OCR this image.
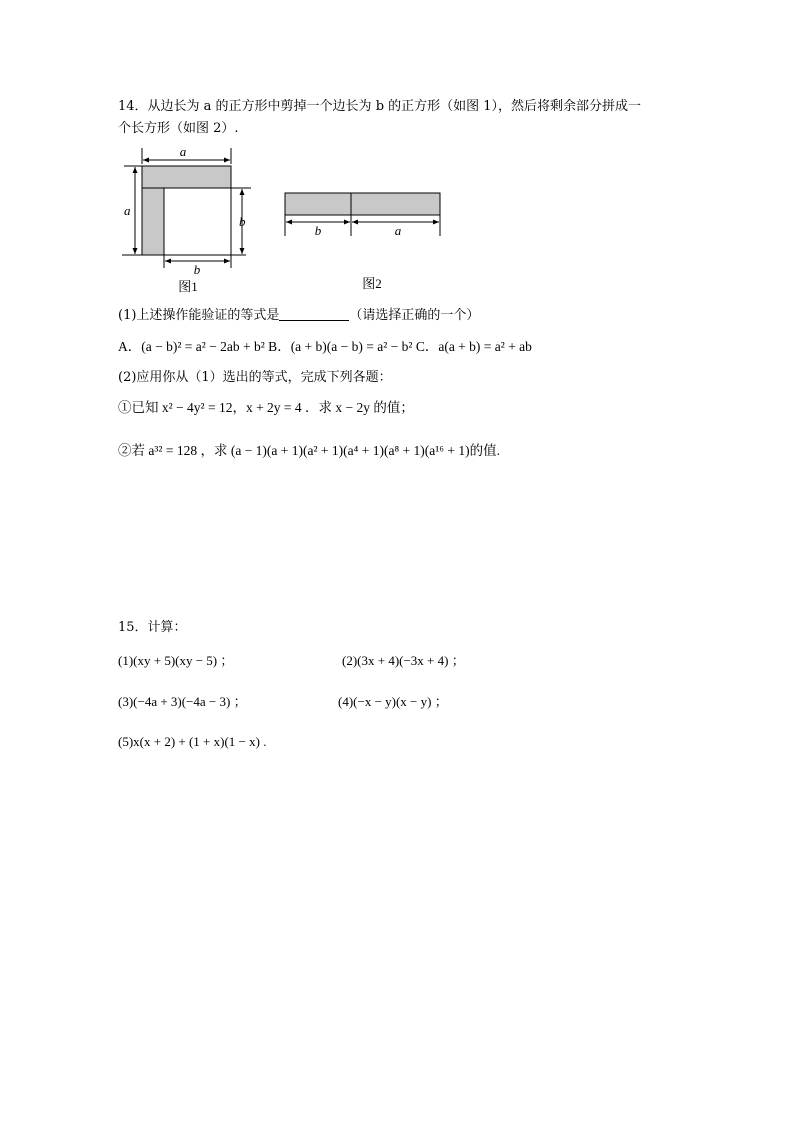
14．从边长为 a 的正方形中剪掉一个边长为 b 的正方形（如图 1），然后将剩余部分拼成一
个长方形（如图 2）.
a
a
b
b
图1
b	a
图2
(1)上述操作能验证的等式是	（请选择正确的一个）
A．(a − b)² = a² − 2ab + b² B．(a + b)(a − b) = a² − b² C．a(a + b) = a² + ab
(2)应用你从（1）选出的等式，完成下列各题：
①已知 x² − 4y² = 12，x + 2y = 4 ．求 x − 2y 的值；
②若 a³² = 128 ，求 (a − 1)(a + 1)(a² + 1)(a⁴ + 1)(a⁸ + 1)(a¹⁶ + 1)的值.
15．计算：
(1)(xy + 5)(xy − 5) ；	(2)(3x + 4)(−3x + 4) ；
(3)(−4a + 3)(−4a − 3) ；	(4)(−x − y)(x − y) ；
(5)x(x + 2) + (1 + x)(1 − x) .
